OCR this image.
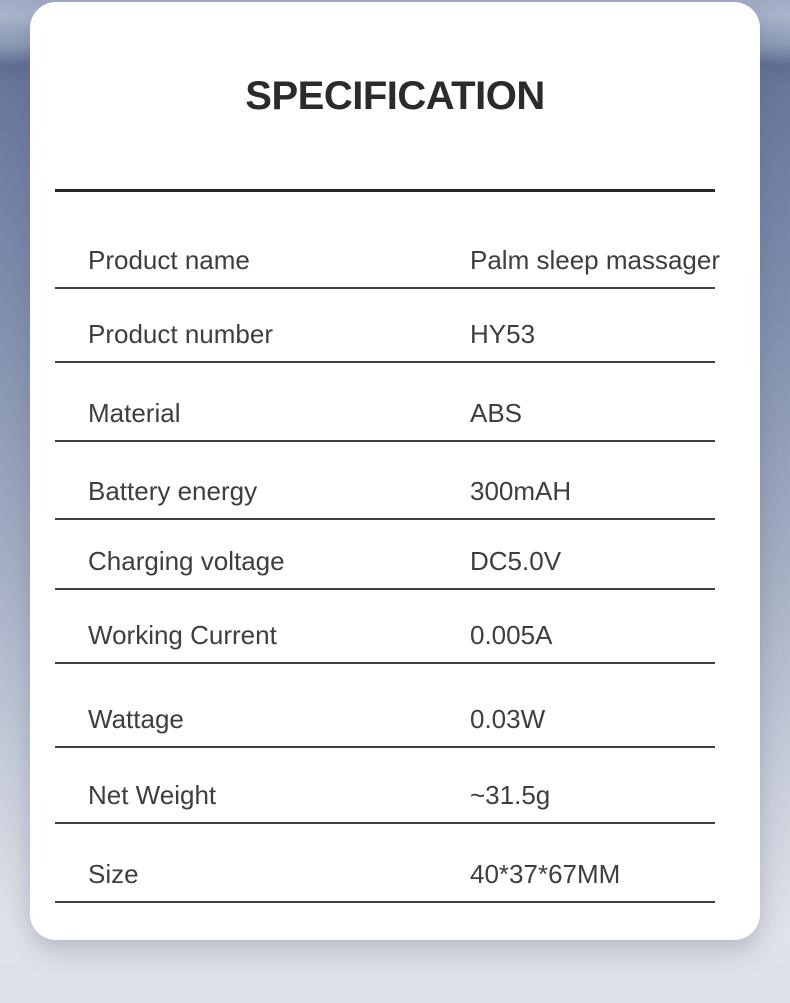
SPECIFICATION
Product name	Palm sleep massager
Product number	HY53
Material	ABS
Battery energy	300mAH
Charging voltage	DC5.0V
Working Current	0.005A
Wattage	0.03W
Net Weight	~31.5g
Size	40*37*67MM
